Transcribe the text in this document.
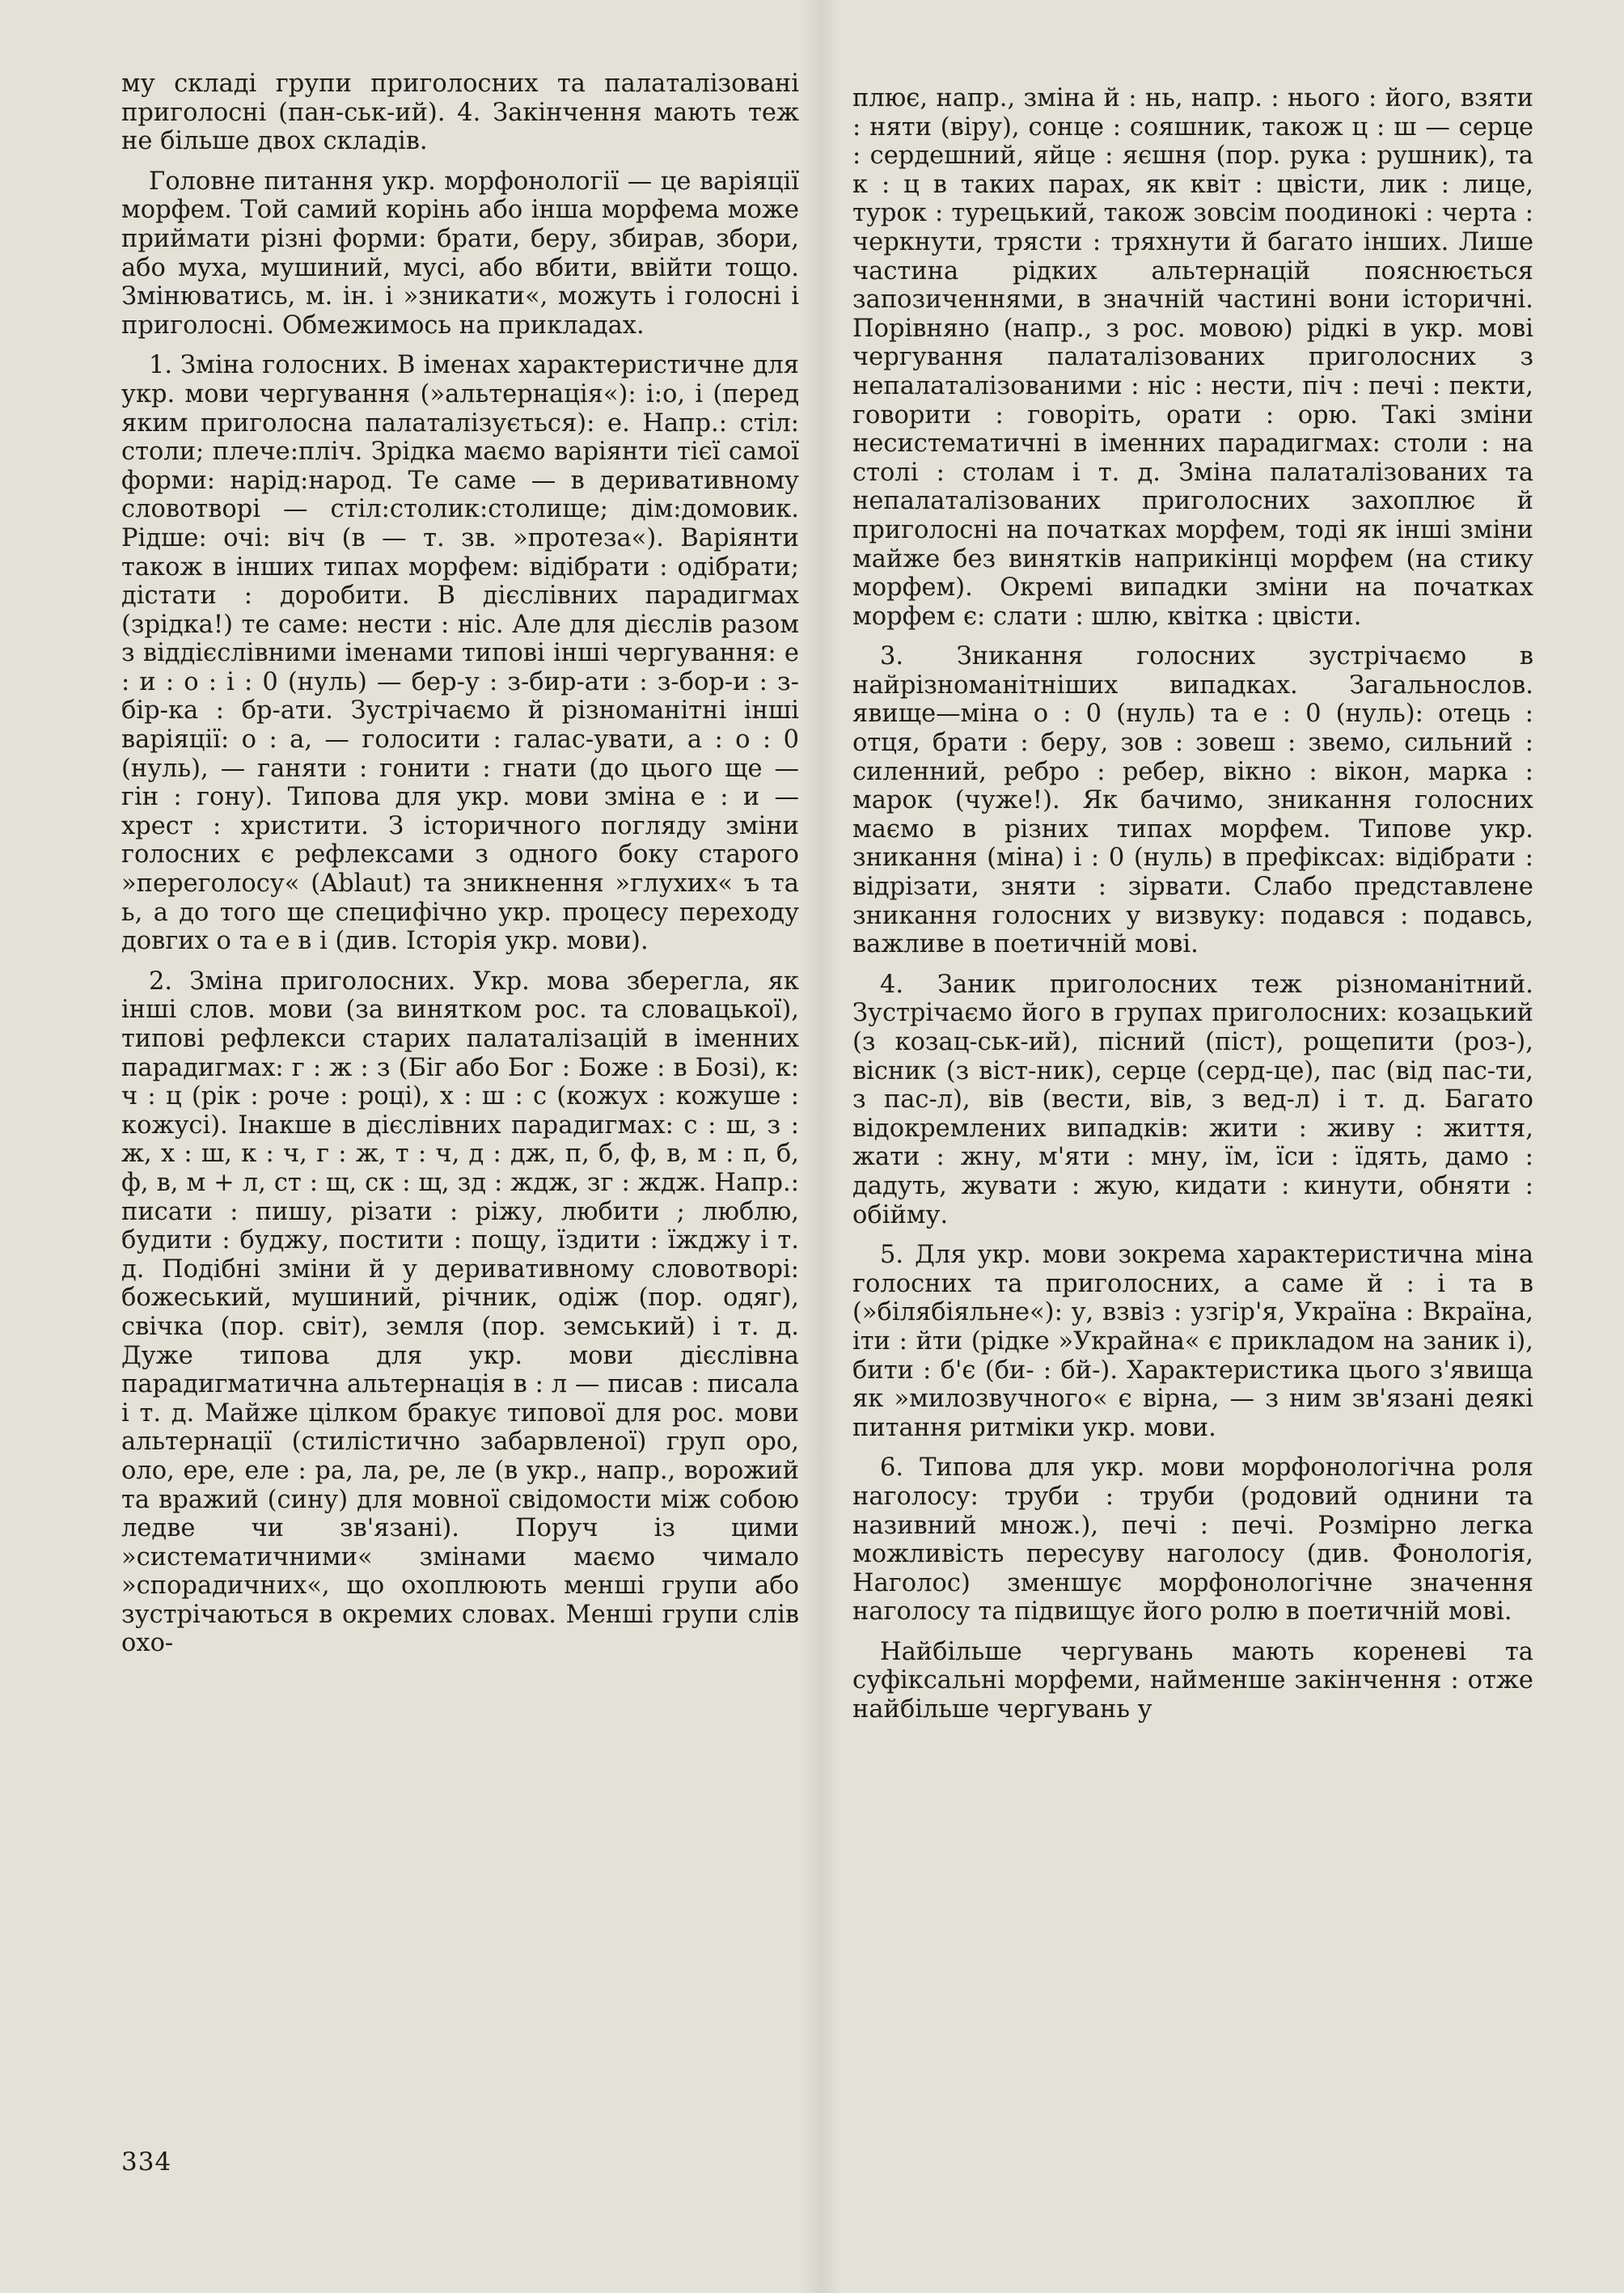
му складі групи приголосних та палаталізовані приголосні (пан-ськ-ий). 4. Закінчення мають теж не більше двох складів.

Головне питання укр. морфонології — це варіяції морфем. Той самий корінь або інша морфема може приймати різні форми: брати, беру, збирав, збори, або муха, мушиний, мусі, або вбити, ввійти тощо. Змінюватись, м. ін. і »зникати«, можуть і голосні і приголосні. Обмежимось на прикладах.

1. Зміна голосних. В іменах характеристичне для укр. мови чергування (»альтернація«): і:о, і (перед яким приголосна палаталізується): е. Напр.: стіл: столи; плече:пліч. Зрідка маємо варіянти тієї самої форми: нарід:народ. Те саме — в деривативному словотворі — стіл:столик:столище; дім:домовик. Рідше: очі: віч (в — т. зв. »протеза«). Варіянти також в інших типах морфем: відібрати : одібрати; дістати : доробити. В дієслівних парадигмах (зрідка!) те саме: нести : ніс. Але для дієслів разом з віддієслівними іменами типові інші чергування: е : и : о : і : 0 (нуль) — бер-у : з-бир-ати : з-бор-и : з-бір-ка : бр-ати. Зустрічаємо й різноманітні інші варіяції: о : а, — голосити : галас-увати, а : о : 0 (нуль), — ганяти : гонити : гнати (до цього ще — гін : гону). Типова для укр. мови зміна е : и — хрест : христити. З історичного погляду зміни голосних є рефлексами з одного боку старого »переголосу« (Ablaut) та зникнення »глухих« ъ та ь, а до того ще специфічно укр. процесу переходу довгих о та е в і (див. Історія укр. мови).

2. Зміна приголосних. Укр. мова зберегла, як інші слов. мови (за винятком рос. та словацької), типові рефлекси старих палаталізацій в іменних парадигмах: г : ж : з (Біг або Бог : Боже : в Бозі), к: ч : ц (рік : роче : році), х : ш : с (кожух : кожуше : кожусі). Інакше в дієслівних парадигмах: с : ш, з : ж, х : ш, к : ч, г : ж, т : ч, д : дж, п, б, ф, в, м : п, б, ф, в, м + л, ст : щ, ск : щ, зд : ждж, зг : ждж. Напр.: писати : пишу, різати : ріжу, любити ; люблю, будити : буджу, постити : пощу, їздити : їжджу і т. д. Подібні зміни й у деривативному словотворі: божеський, мушиний, річник, одіж (пор. одяг), свічка (пор. світ), земля (пор. земський) і т. д. Дуже типова для укр. мови дієслівна парадигматична альтернація в : л — писав : писала і т. д. Майже цілком бракує типової для рос. мови альтернації (стилістично забарвленої) груп оро, оло, ере, еле : ра, ла, ре, ле (в укр., напр., ворожий та вражий (сину) для мовної свідомости між собою ледве чи зв'язані). Поруч із цими »систематичними« змінами маємо чимало »спорадичних«, що охоплюють менші групи або зустрічаються в окремих словах. Менші групи слів охо-

плює, напр., зміна й : нь, напр. : нього : його, взяти : няти (віру), сонце : сояшник, також ц : ш — серце : сердешний, яйце : яєшня (пор. рука : рушник), та к : ц в таких парах, як квіт : цвісти, лик : лице, турок : турецький, також зовсім поодинокі : черта : черкнути, трясти : тряхнути й багато інших. Лише частина рідких альтернацій пояснюється запозиченнями, в значній частині вони історичні. Порівняно (напр., з рос. мовою) рідкі в укр. мові чергування палаталізованих приголосних з непалаталізованими : ніс : нести, піч : печі : пекти, говорити : говоріть, орати : орю. Такі зміни несистематичні в іменних парадигмах: столи : на столі : столам і т. д. Зміна палаталізованих та непалаталізованих приголосних захоплює й приголосні на початках морфем, тоді як інші зміни майже без винятків наприкінці морфем (на стику морфем). Окремі випадки зміни на початках морфем є: слати : шлю, квітка : цвісти.

3. Зникання голосних зустрічаємо в найрізноманітніших випадках. Загальнослов. явище—міна о : 0 (нуль) та е : 0 (нуль): отець : отця, брати : беру, зов : зовеш : звемо, сильний : силенний, ребро : ребер, вікно : вікон, марка : марок (чуже!). Як бачимо, зникання голосних маємо в різних типах морфем. Типове укр. зникання (міна) і : 0 (нуль) в префіксах: відібрати : відрізати, зняти : зірвати. Слабо представлене зникання голосних у визвуку: подався : подавсь, важливе в поетичній мові.

4. Заник приголосних теж різноманітний. Зустрічаємо його в групах приголосних: козацький (з козац-ськ-ий), пісний (піст), рощепити (роз-), вісник (з віст-ник), серце (серд-це), пас (від пас-ти, з пас-л), вів (вести, вів, з вед-л) і т. д. Багато відокремлених випадків: жити : живу : життя, жати : жну, м'яти : мну, їм, їси : їдять, дамо : дадуть, жувати : жую, кидати : кинути, обняти : обійму.

5. Для укр. мови зокрема характеристична міна голосних та приголосних, а саме й : і та в (»білябіяльне«): у, взвіз : узгір'я, Україна : Вкраїна, іти : йти (рідке »Украйна« є прикладом на заник і), бити : б'є (би- : бй-). Характеристика цього з'явища як »милозвучного« є вірна, — з ним зв'язані деякі питання ритміки укр. мови.

6. Типова для укр. мови морфонологічна роля наголосу: труби : труби (родовий однини та називний множ.), печі : печі. Розмірно легка можливість пересуву наголосу (див. Фонологія, Наголос) зменшує морфонологічне значення наголосу та підвищує його ролю в поетичній мові.

Найбільше чергувань мають кореневі та суфіксальні морфеми, найменше закінчення : отже найбільше чергувань у

334
